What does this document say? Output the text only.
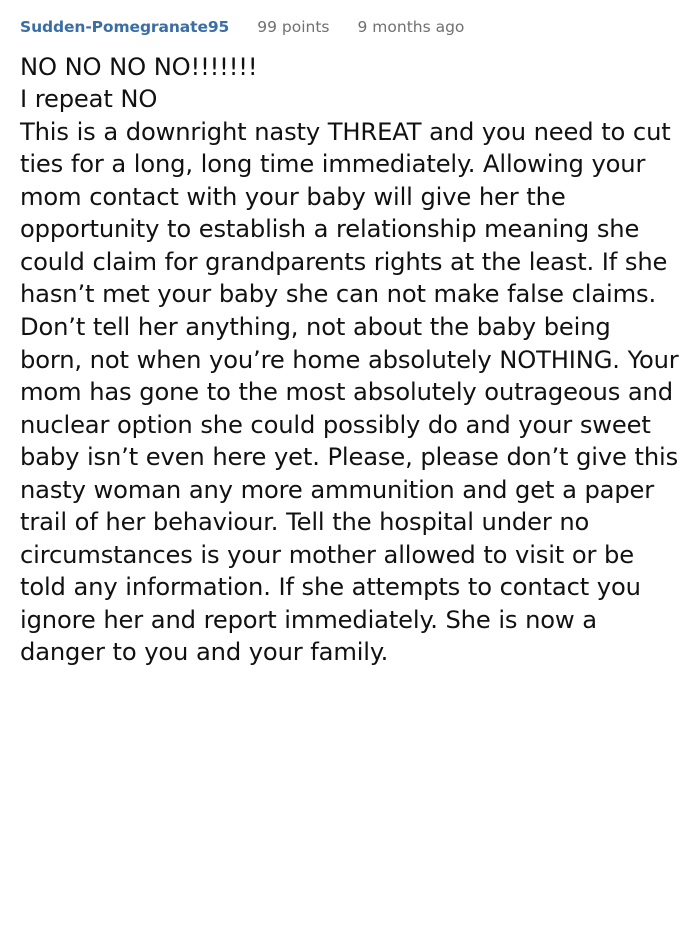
Sudden-Pomegranate95 99 points 9 months ago

NO NO NO NO!!!!!!!

I repeat NO

This is a downright nasty THREAT and you need to cut ties for a long, long time immediately. Allowing your mom contact with your baby will give her the opportunity to establish a relationship meaning she could claim for grandparents rights at the least. If she hasn’t met your baby she can not make false claims. Don’t tell her anything, not about the baby being born, not when you’re home absolutely NOTHING. Your mom has gone to the most absolutely outrageous and nuclear option she could possibly do and your sweet baby isn’t even here yet. Please, please don’t give this nasty woman any more ammunition and get a paper trail of her behaviour. Tell the hospital under no circumstances is your mother allowed to visit or be told any information. If she attempts to contact you ignore her and report immediately. She is now a danger to you and your family.
